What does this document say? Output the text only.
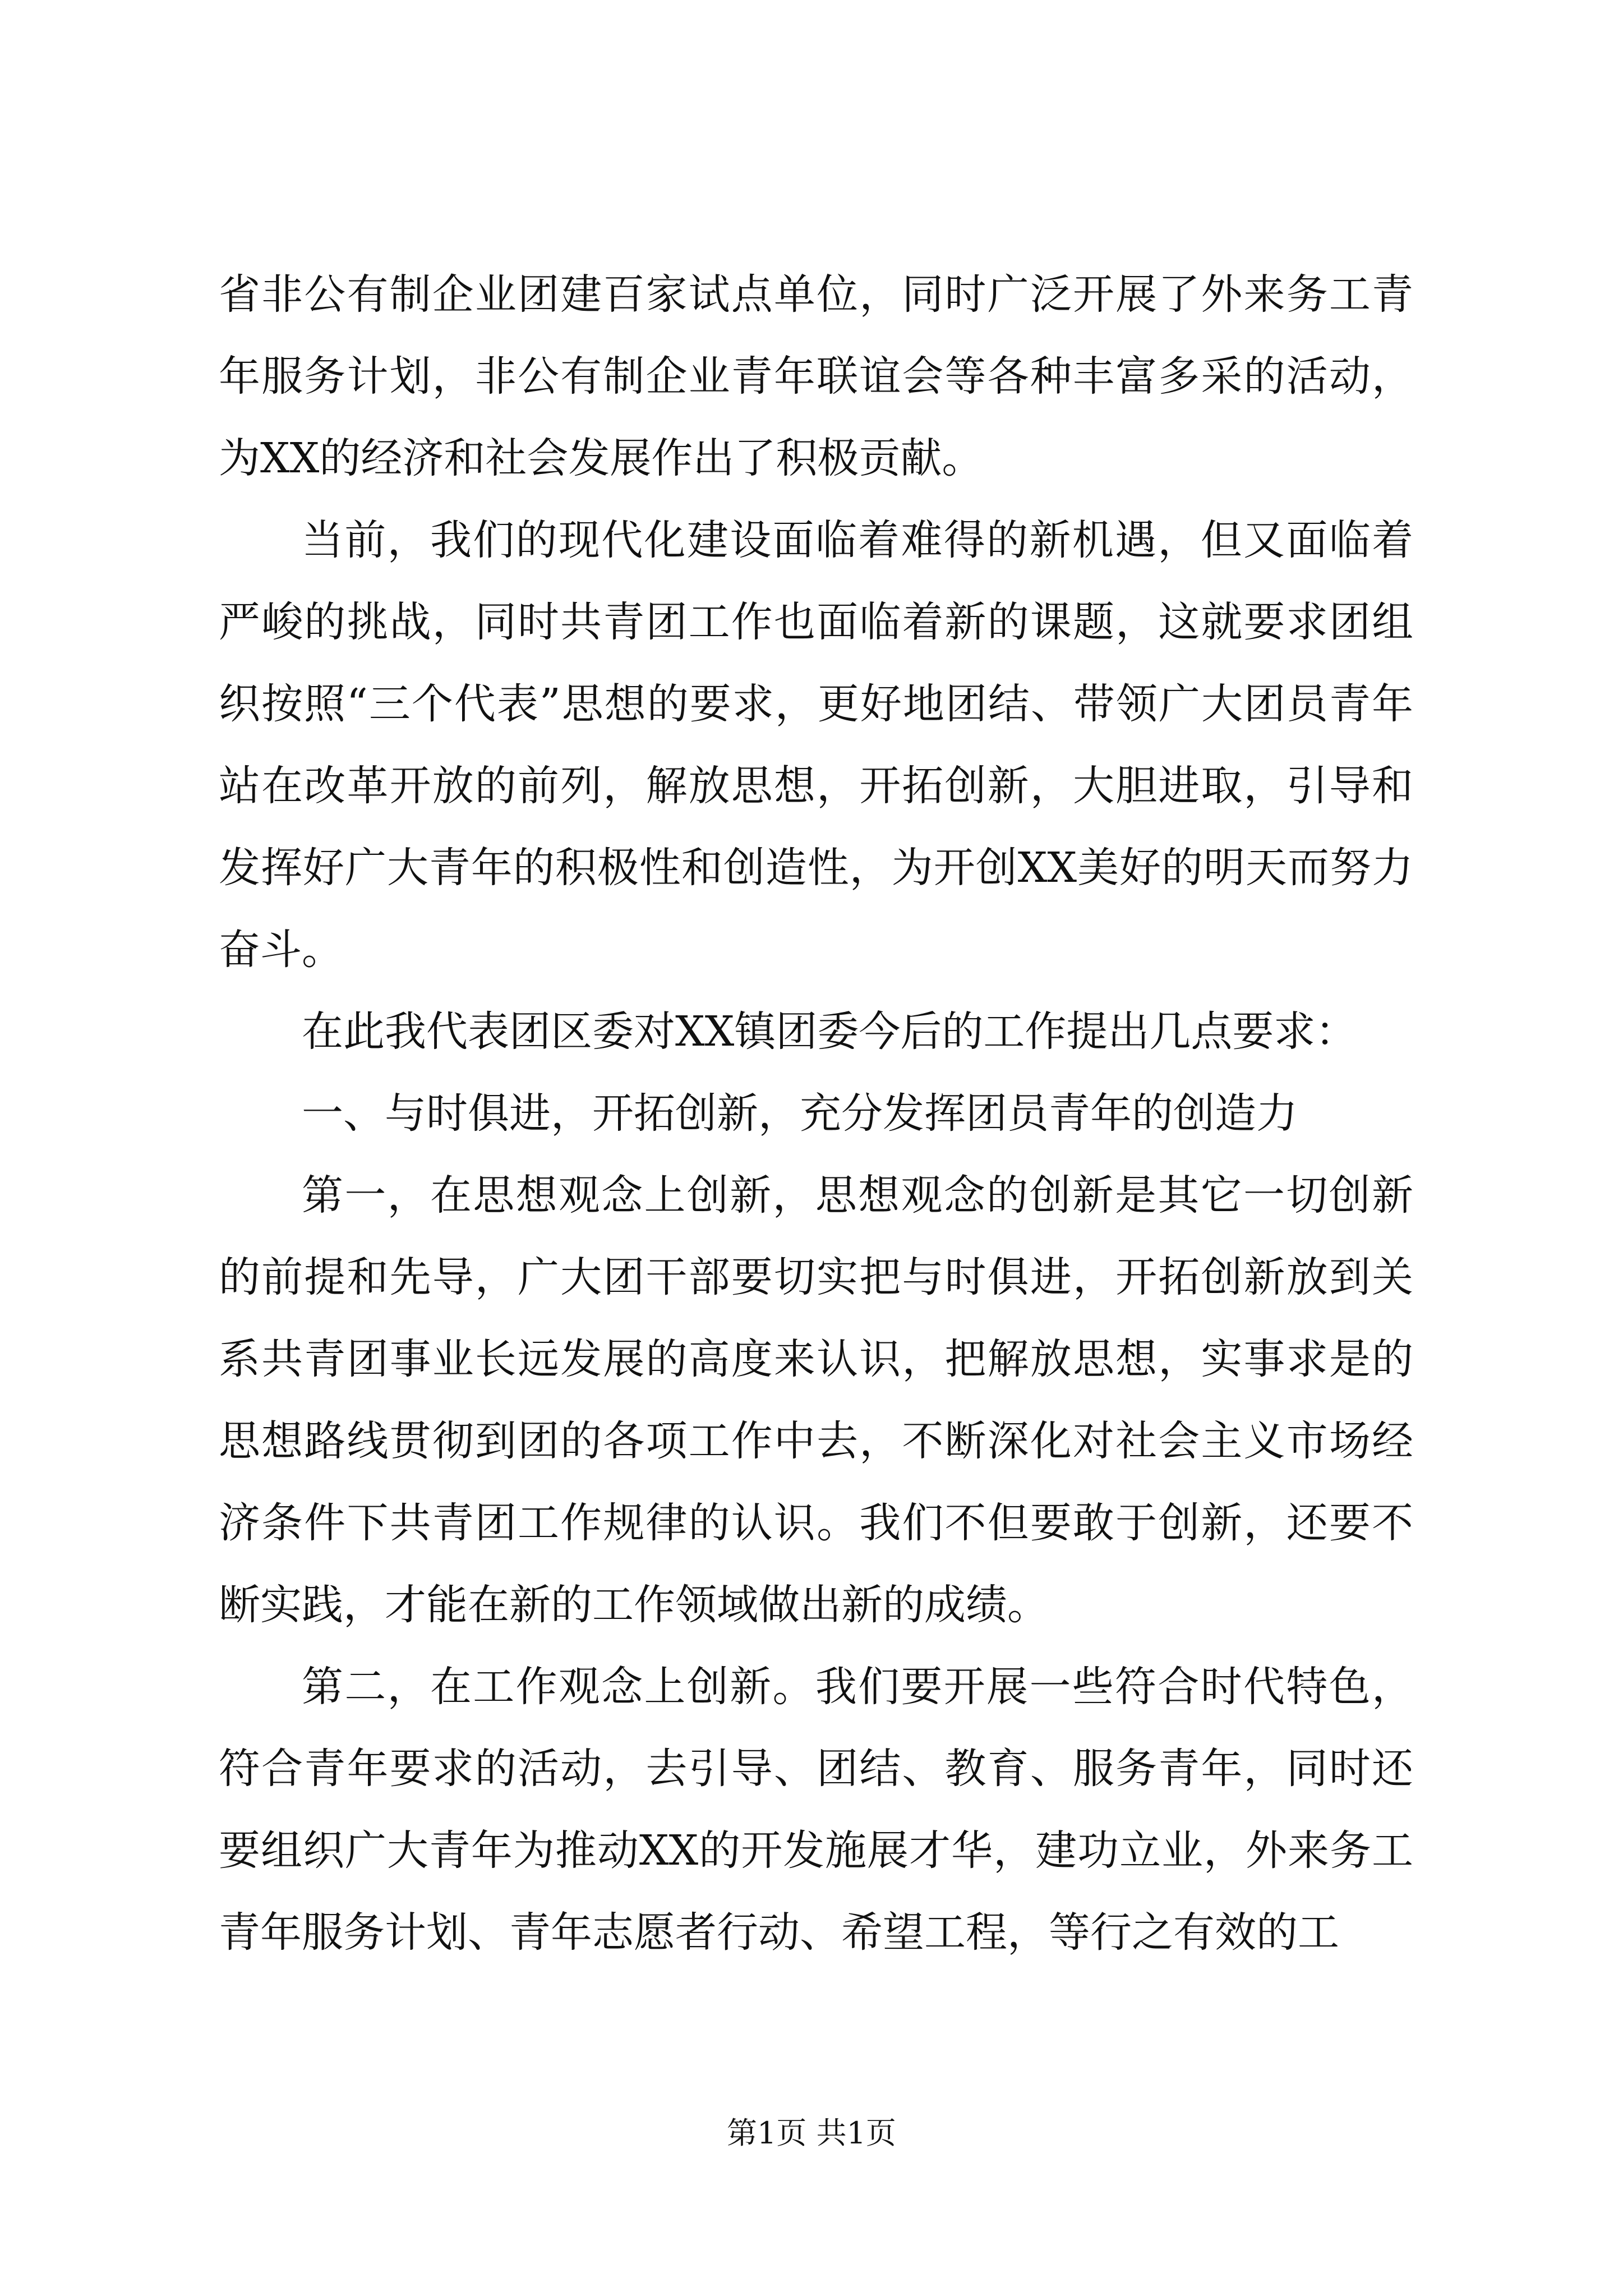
省非公有制企业团建百家试点单位，同时广泛开展了外来务工青年服务计划，非公有制企业青年联谊会等各种丰富多采的活动，为XX的经济和社会发展作出了积极贡献。

当前，我们的现代化建设面临着难得的新机遇，但又面临着严峻的挑战，同时共青团工作也面临着新的课题，这就要求团组织按照“三个代表”思想的要求，更好地团结、带领广大团员青年站在改革开放的前列，解放思想，开拓创新，大胆进取，引导和发挥好广大青年的积极性和创造性，为开创XX美好的明天而努力奋斗。

在此我代表团区委对XX镇团委今后的工作提出几点要求：

一、与时俱进，开拓创新，充分发挥团员青年的创造力

第一，在思想观念上创新，思想观念的创新是其它一切创新的前提和先导，广大团干部要切实把与时俱进，开拓创新放到关系共青团事业长远发展的高度来认识，把解放思想，实事求是的思想路线贯彻到团的各项工作中去，不断深化对社会主义市场经济条件下共青团工作规律的认识。我们不但要敢于创新，还要不断实践，才能在新的工作领域做出新的成绩。

第二，在工作观念上创新。我们要开展一些符合时代特色，符合青年要求的活动，去引导、团结、教育、服务青年，同时还要组织广大青年为推动XX的开发施展才华，建功立业，外来务工青年服务计划、青年志愿者行动、希望工程，等行之有效的工

第1页 共1页
